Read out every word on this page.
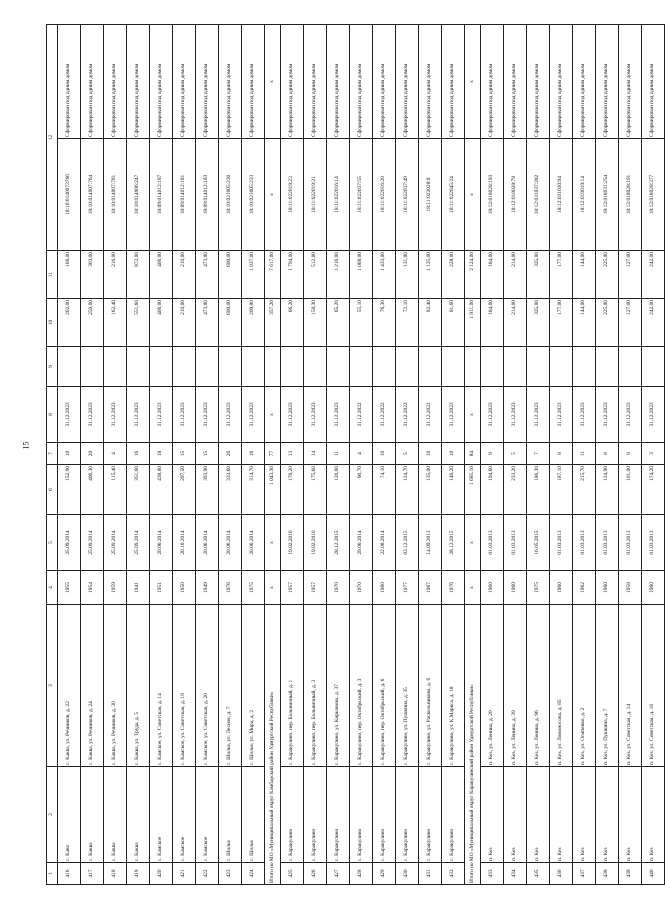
15
1	2	3	4	5	6	7	8	9	10	11	12	
416	с. Кава	с. Каква, ул. Речников, д. 22	1955	25.09.2014	152,90	10	31.12.2023		202,00	168,00	18:10:0140073766	Сформирован под одним домом
417	с. Каква	с. Каква, ул. Речников, д. 24	1954	25.09.2014	406,30	20	31.12.2023		259,00	303,00	18:10:014007:764	Сформирован под одним домом
418	с. Каква	с. Каква, ул. Речников, д. 30	1959	25.09.2014	115,40	4	31.12.2023		162,40	216,00	18:10:014007:781	Сформирован под одним домом
419	с. Каква	с. Каква, ул. Труда, д. 5	1941	25.09.2014	351,60	16	31.12.2023		551,60	872,00	18:10:014006:247	Сформирован под одним домом
420	с. Камское	с. Камское, ул. Советская, д. 14	1951	20.06.2014	438,80	18	31.12.2023		406,00	406,00	18:09:014012:187	Сформирован под одним домом
421	с. Камское	с. Камское, ул. Советская, д. 19	1950	20.10.2014	297,50	15	31.12.2023		210,00	210,00	18:09:014012:181	Сформирован под одним домом
422	с. Камское	с. Камское, ул. Советская, д. 20	1949	20.06.2014	393,90	15	31.12.2023		473,00	473,00	18:09:014012:183	Сформирован под одним домом
423	с. Шолья	с. Шолья, ул. Лесная, д. 7	1976	20.06.2014	333,60	26	31.12.2023		600,00	600,00	18:10:021005:230	Сформирован под одним домом
424	с. Шолья	с. Шолья, ул. Мира, д. 2	1975	20.06.2014	314,70	16	31.12.2023		209,80	1 037,00	18:10:021005:233	Сформирован под одним домом
Итого по МО «Муниципальный округ Камбарский район Удмуртской Республики»			х	х	1 043,30	77	х		357,20	7 617,00	х	х
425	с. Каракулино	с. Каракулино, пер. Больничный, д. 1	1957	19.02.2010	176,20	13	31.12.2023		66,20	1 794,00	18:11:022019:23	Сформирован под одним домом
426	с. Каракулино	с. Каракулино, пер. Больничный, д. 3	1957	19.02.2010	175,60	14	31.12.2023		158,30	512,00	18:11:022019:21	Сформирован под одним домом
427	с. Каракулино	с. Каракулино, ул. Кирьянова, д. 37	1970	28.12.2015	120,00	11	31.12.2023		65,20	1 216,00	18:11:022016:14	Сформирован под одним домом
428	с. Каракулино	с. Каракулино, пер. Октябрьский, д. 3	1970	29.06.2014	90,70	4	31.12.2022		55,10	1 068,00	18:11:022037:55	Сформирован под одним домом
429	с. Каракулино	с. Каракулино, пер. Октябрьский, д. 6	1960	22.08.2014	74,10	10	31.12.2022		76,30	1 433,00	18:11:022016:20	Сформирован под одним домом
430	с. Каракулино	с. Каракулино, ул. Пушкина, д. 35	1977	03.12.2015	124,70	5	31.12.2022		72,10	131,00	18:11:022037:49	Сформирован под одним домом
431	с. Каракулино	с. Каракулино, ул. Раскольникова, д. 6	1967	14.09.2013	135,00	10	31.12.2022		82,40	1 135,00	18:11:022028:9	Сформирован под одним домом
432	с. Каракулино	с. Каракулино, ул. К.Маркса, д. 18	1976	28.12.2015	146,20	10	31.12.2023		81,60	228,00	18:11:022045:24	Сформирован под одним домом
Итого по МО «Муниципальный округ Каракулинский район Удмуртской Республики»			х	х	1 685,10	84	х		1 911,00	2 124,00	х	х
433	п. Кез	п. Кез, ул. Ленина, д. 20	1960	01.03.2013	194,60	9	31.12.2023		184,00	184,00	18:12:018028:193	Сформирован под одним домом
434	п. Кез	п. Кез, ул. Ленина, д. 39	1960	01.03.2013	233,20	5	31.12.2023		214,00	214,00	18:12:018028:78	Сформирован под одним домом
435	п. Кез	п. Кез, ул. Ленина, д. 96	1975	16.05.2015	186,30	7	31.12.2023		325,00	325,00	18:12:031037:282	Сформирован под одним домом
436	п. Кез	п. Кез, ул. Ломоносова, д. 85	1960	01.03.2013	187,10	8	31.12.2023		177,00	177,00	18:12:031030:94	Сформирован под одним домом
437	п. Кез	п. Кез, ул. Осипенко, д. 2	1962	01.03.2013	215,70	11	31.12.2023		144,00	144,00	18:12:019019:14	Сформирован под одним домом
438	п. Кез	п. Кез, ул. Пушкина, д. 7	1960	01.03.2013	124,90	8	31.12.2023		225,00	225,00	18:12:018031:254	Сформирован под одним домом
439	п. Кез	п. Кез, ул. Советская, д. 14	1958	01.03.2013	101,00	9	31.12.2023		127,00	127,00	18:12:018028:191	Сформирован под одним домом
440	п. Кез	п. Кез, ул. Советская, д. 16	1960	01.03.2013	174,20	3	31.12.2023		242,00	242,00	18:12:018028:377	Сформирован под одним домом
